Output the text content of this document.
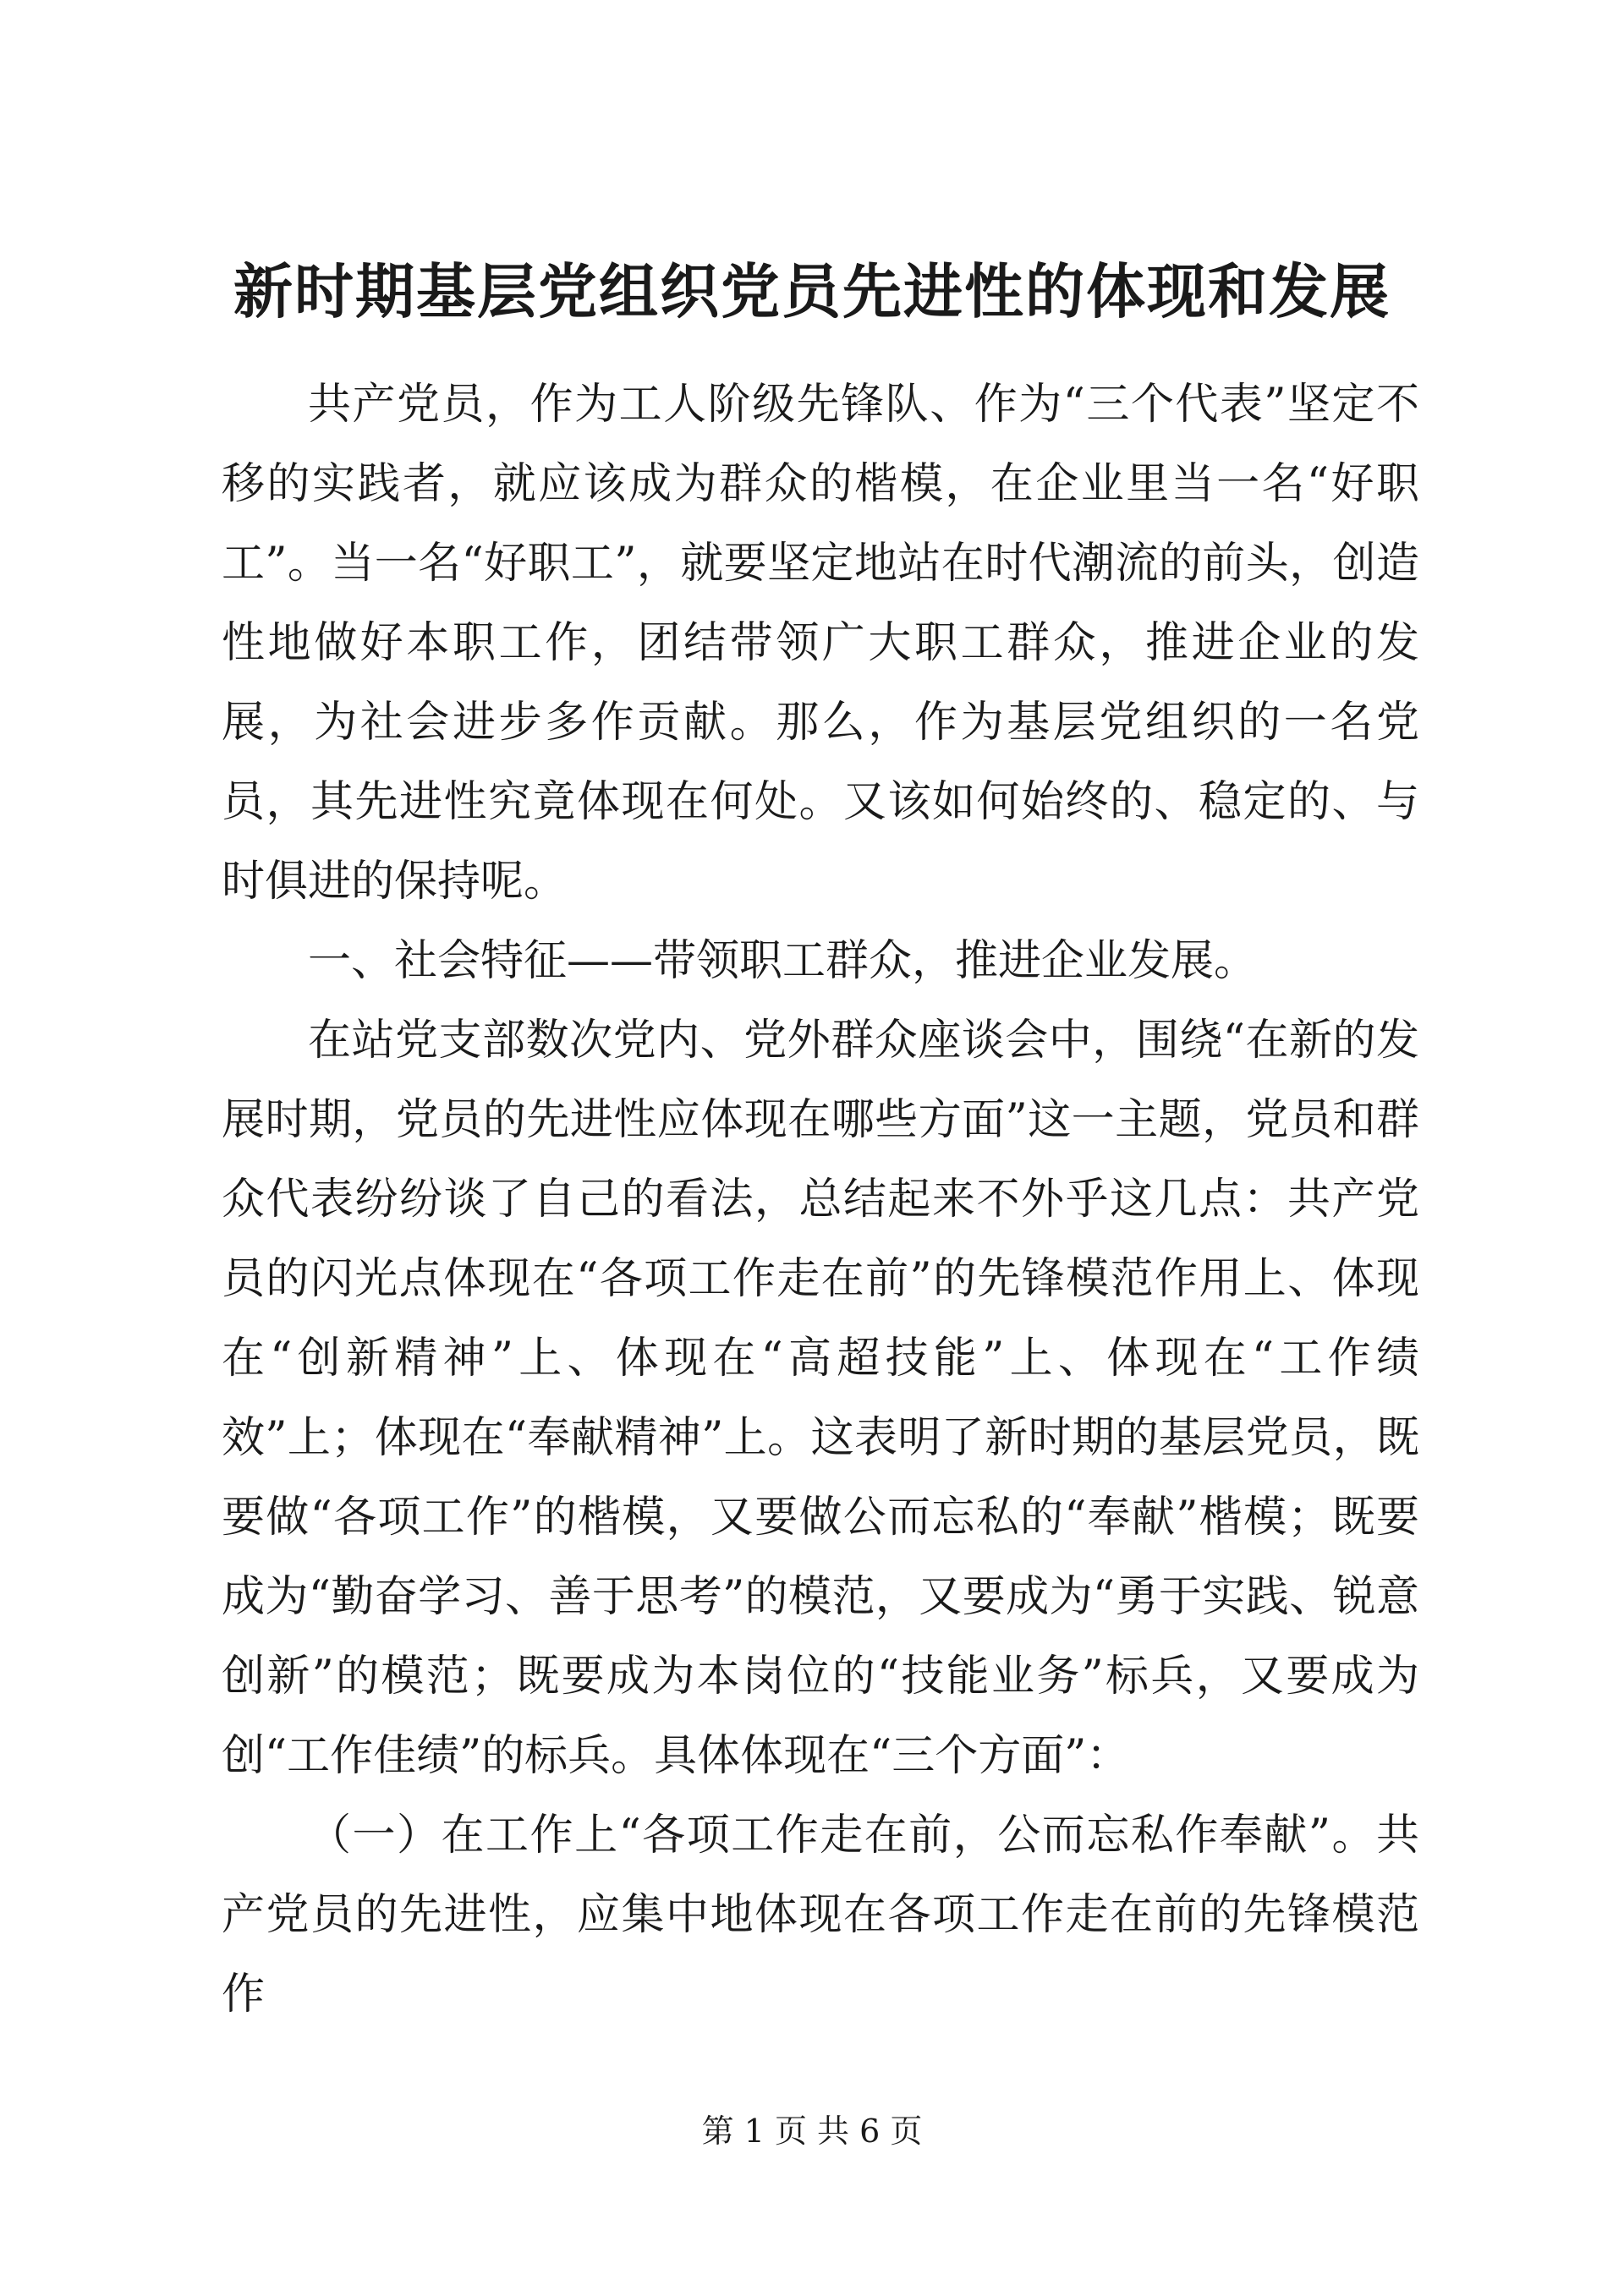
新时期基层党组织党员先进性的体现和发展

共产党员，作为工人阶级先锋队、作为“三个代表”坚定不移的实践者，就应该成为群众的楷模，在企业里当一名“好职工”。当一名“好职工”，就要坚定地站在时代潮流的前头，创造性地做好本职工作，团结带领广大职工群众，推进企业的发展，为社会进步多作贡献。那么，作为基层党组织的一名党员，其先进性究竟体现在何处。又该如何始终的、稳定的、与时俱进的保持呢。

一、社会特征——带领职工群众，推进企业发展。

在站党支部数次党内、党外群众座谈会中，围绕“在新的发展时期，党员的先进性应体现在哪些方面”这一主题，党员和群众代表纷纷谈了自己的看法，总结起来不外乎这几点：共产党员的闪光点体现在“各项工作走在前”的先锋模范作用上、体现在“创新精神”上、体现在“高超技能”上、体现在“工作绩效”上；体现在“奉献精神”上。这表明了新时期的基层党员，既要做“各项工作”的楷模，又要做公而忘私的“奉献”楷模；既要成为“勤奋学习、善于思考”的模范，又要成为“勇于实践、锐意创新”的模范；既要成为本岗位的“技能业务”标兵，又要成为创“工作佳绩”的标兵。具体体现在“三个方面”：

（一）在工作上“各项工作走在前，公而忘私作奉献”。共产党员的先进性，应集中地体现在各项工作走在前的先锋模范作

第 1 页 共 6 页
